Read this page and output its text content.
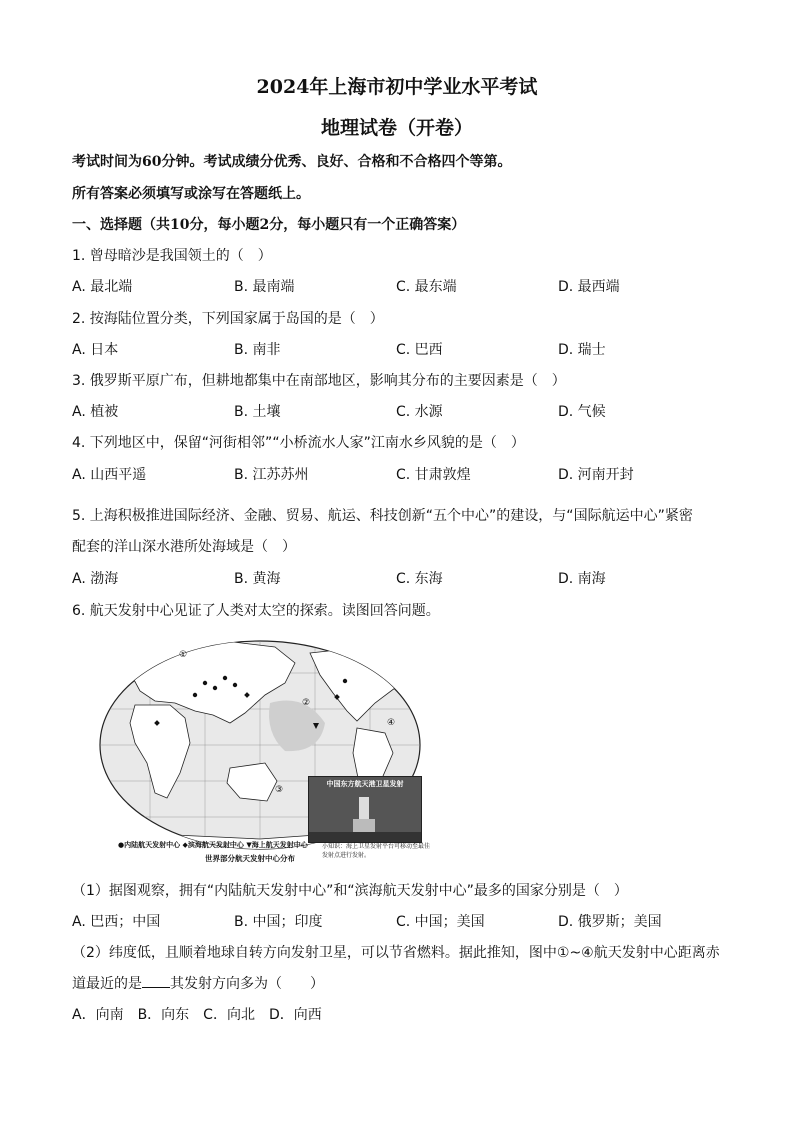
2024年上海市初中学业水平考试
地理试卷（开卷）
考试时间为60分钟。考试成绩分优秀、良好、合格和不合格四个等第。
所有答案必须填写或涂写在答题纸上。
一、选择题（共10分，每小题2分，每小题只有一个正确答案）
1. 曾母暗沙是我国领土的（　）
A. 最北端	B. 最南端	C. 最东端	D. 最西端
2. 按海陆位置分类，下列国家属于岛国的是（　）
A. 日本	B. 南非	C. 巴西	D. 瑞士
3. 俄罗斯平原广布，但耕地都集中在南部地区，影响其分布的主要因素是（　）
A. 植被	B. 土壤	C. 水源	D. 气候
4. 下列地区中，保留“河街相邻”“小桥流水人家”江南水乡风貌的是（　）
A. 山西平遥	B. 江苏苏州	C. 甘肃敦煌	D. 河南开封
5. 上海积极推进国际经济、金融、贸易、航运、科技创新“五个中心”的建设，与“国际航运中心”紧密
配套的洋山深水港所处海域是（　）
A. 渤海	B. 黄海	C. 东海	D. 南海
6. 航天发射中心见证了人类对太空的探索。读图回答问题。
①
②
③
④
中国东方航天港卫星发射
小知识：海上卫星发射平台可移动至最佳发射点进行发射。
●内陆航天发射中心 ◆滨海航天发射中心 ▼海上航天发射中心
世界部分航天发射中心分布
（1）据图观察，拥有“内陆航天发射中心”和“滨海航天发射中心”最多的国家分别是（　）
A. 巴西；中国	B. 中国；印度	C. 中国；美国	D. 俄罗斯；美国
（2）纬度低，且顺着地球自转方向发射卫星，可以节省燃料。据此推知，图中①~④航天发射中心距离赤
道最近的是 其发射方向多为（　　）
A．向南　B．向东　C．向北　D．向西
